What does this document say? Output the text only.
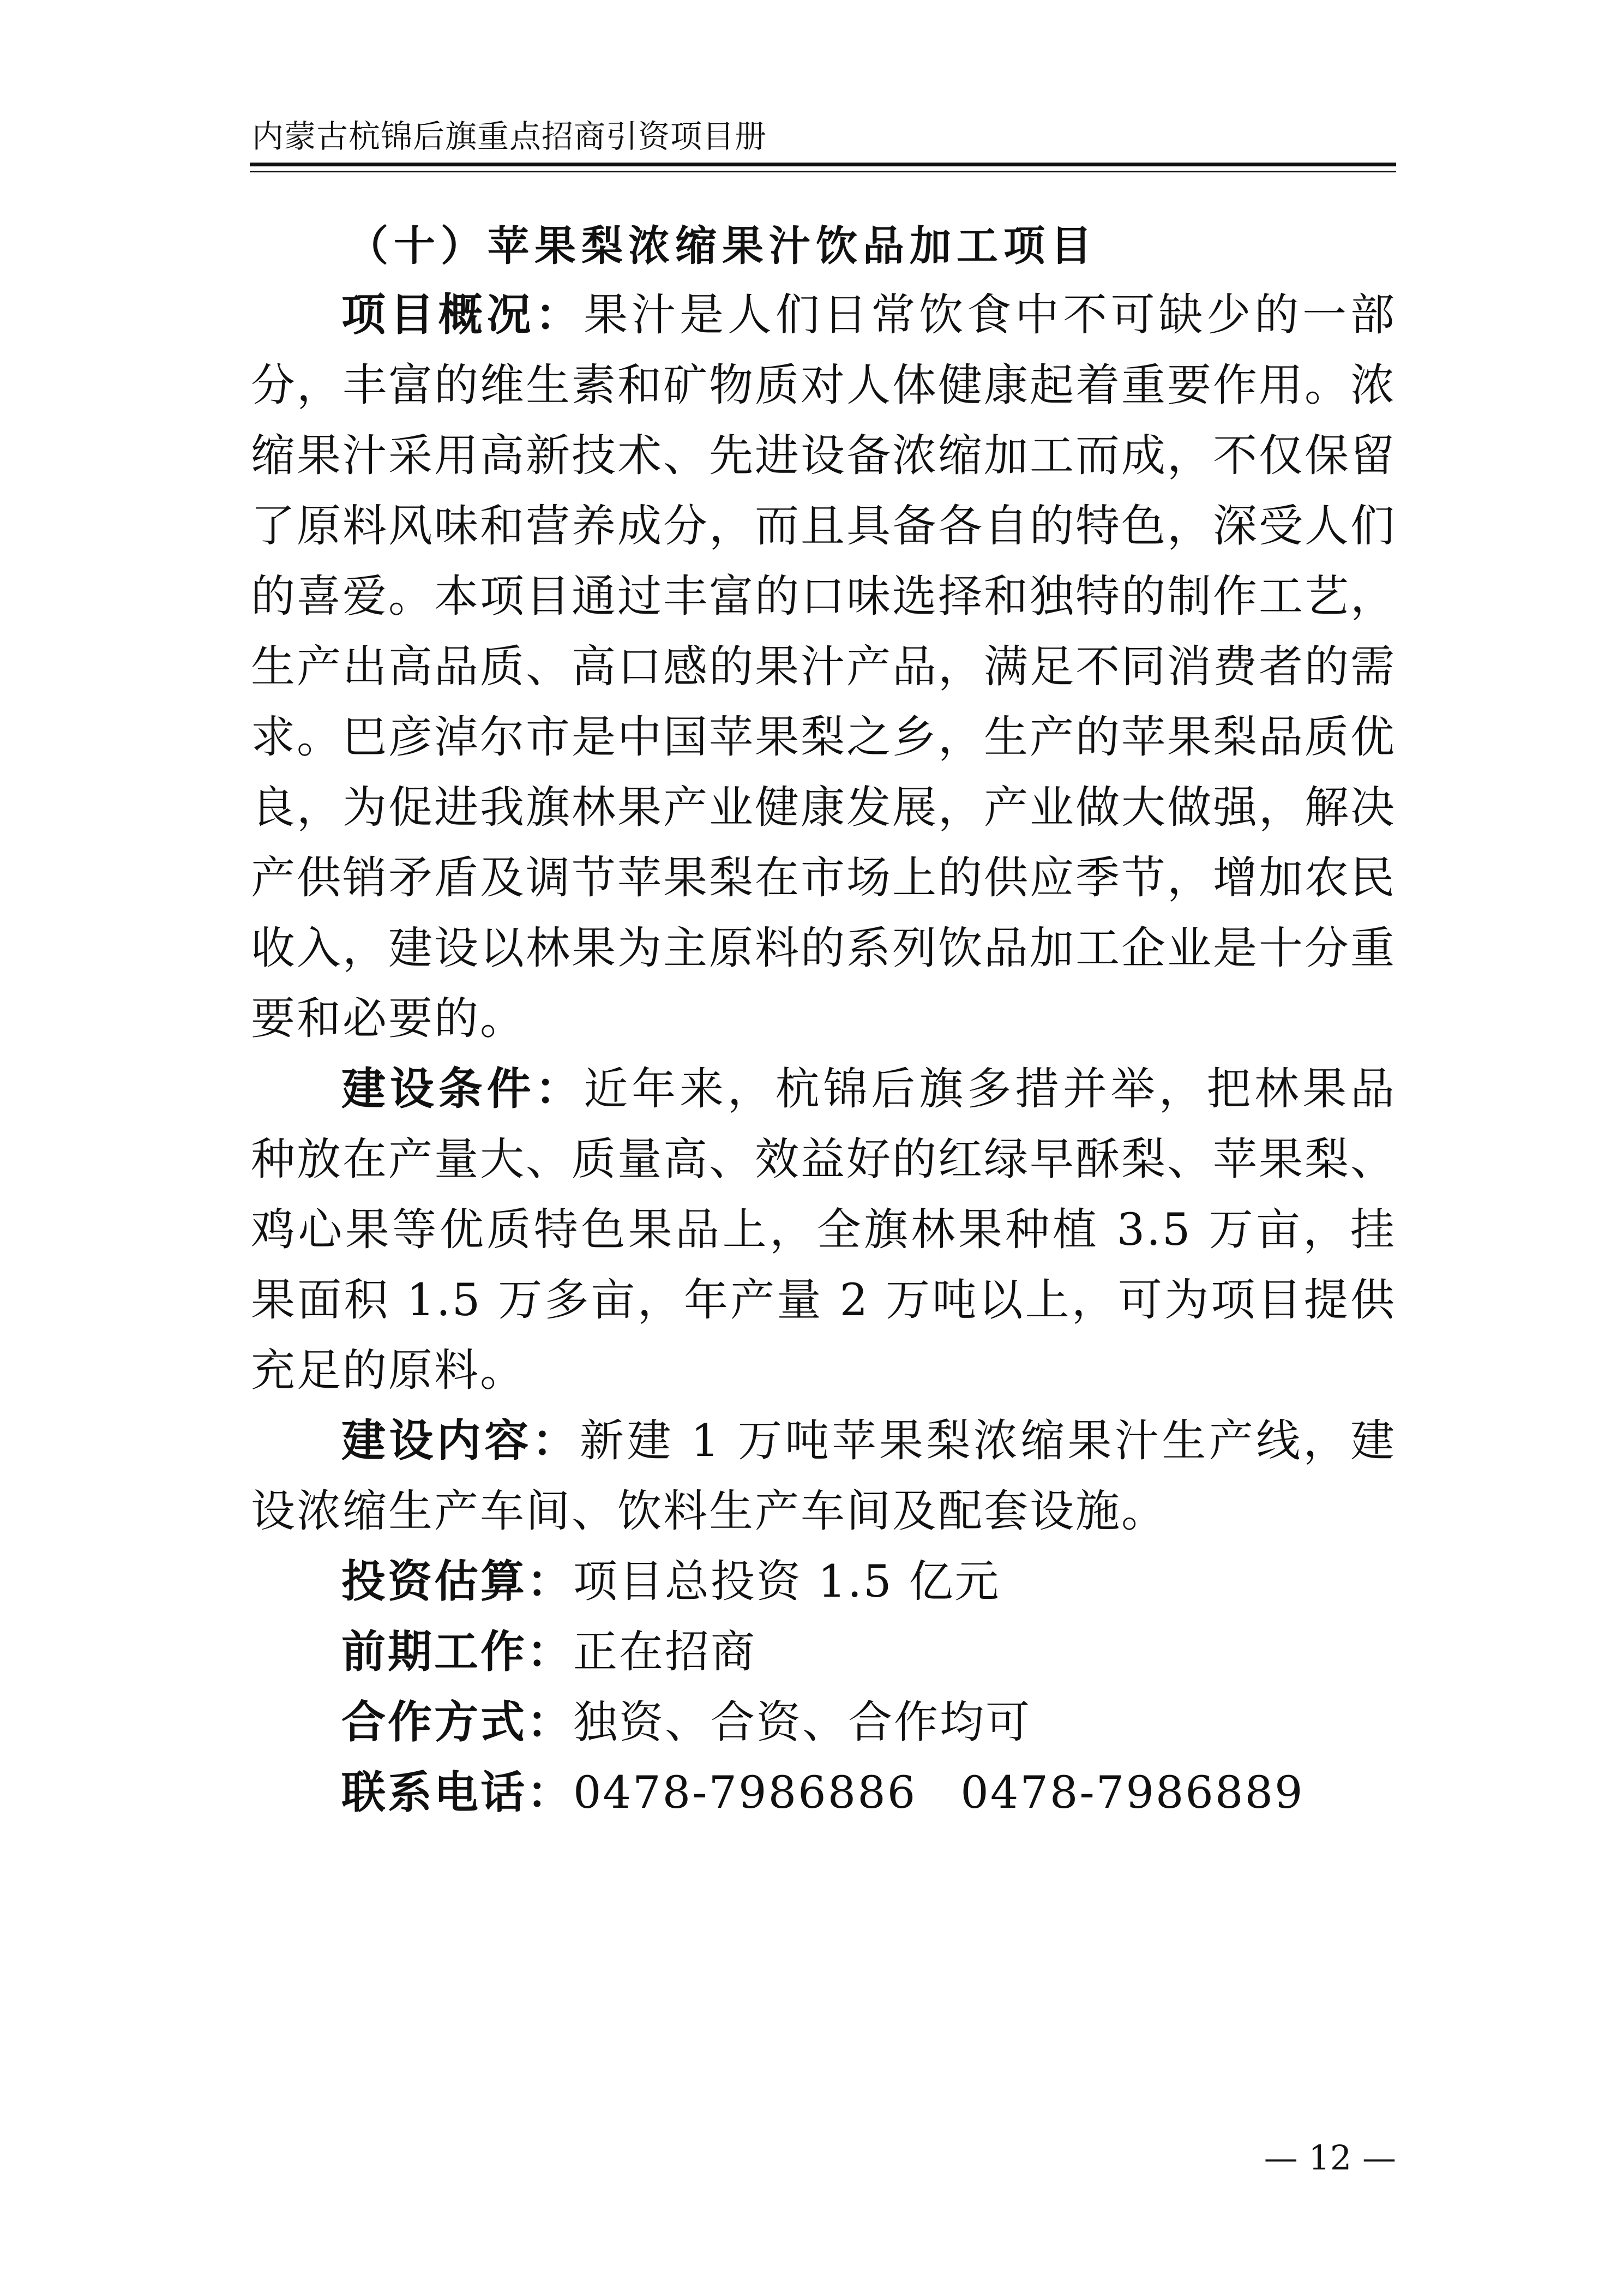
内蒙古杭锦后旗重点招商引资项目册
（十）苹果梨浓缩果汁饮品加工项目

项目概况：果汁是人们日常饮食中不可缺少的一部分，丰富的维生素和矿物质对人体健康起着重要作用。浓缩果汁采用高新技术、先进设备浓缩加工而成，不仅保留了原料风味和营养成分，而且具备各自的特色，深受人们的喜爱。本项目通过丰富的口味选择和独特的制作工艺，生产出高品质、高口感的果汁产品，满足不同消费者的需求。巴彦淖尔市是中国苹果梨之乡，生产的苹果梨品质优良，为促进我旗林果产业健康发展，产业做大做强，解决产供销矛盾及调节苹果梨在市场上的供应季节，增加农民收入，建设以林果为主原料的系列饮品加工企业是十分重要和必要的。

建设条件：近年来，杭锦后旗多措并举，把林果品种放在产量大、质量高、效益好的红绿早酥梨、苹果梨、鸡心果等优质特色果品上，全旗林果种植 3.5 万亩，挂果面积 1.5 万多亩，年产量 2 万吨以上，可为项目提供充足的原料。

建设内容：新建 1 万吨苹果梨浓缩果汁生产线，建设浓缩生产车间、饮料生产车间及配套设施。

投资估算：项目总投资 1.5 亿元

前期工作：正在招商

合作方式：独资、合资、合作均可

联系电话：0478-7986886 0478-7986889

— 12 —
